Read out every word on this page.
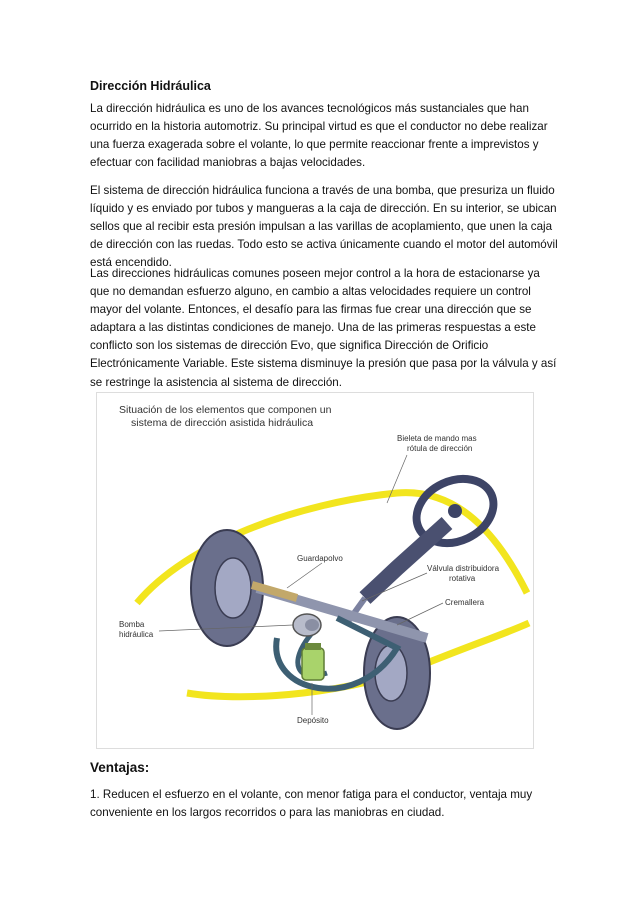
Dirección Hidráulica

La dirección hidráulica es uno de los avances tecnológicos más sustanciales que han ocurrido en la historia automotriz. Su principal virtud es que el conductor no debe realizar una fuerza exagerada sobre el volante, lo que permite reaccionar frente a imprevistos y efectuar con facilidad maniobras a bajas velocidades.

El sistema de dirección hidráulica funciona a través de una bomba, que presuriza un fluido líquido y es enviado por tubos y mangueras a la caja de dirección. En su interior, se ubican sellos que al recibir esta presión impulsan a las varillas de acoplamiento, que unen la caja de dirección con las ruedas. Todo esto se activa únicamente cuando el motor del automóvil está encendido.

Las direcciones hidráulicas comunes poseen mejor control a la hora de estacionarse ya que no demandan esfuerzo alguno, en cambio a altas velocidades requiere un control mayor del volante. Entonces, el desafío para las firmas fue crear una dirección que se adaptara a las distintas condiciones de manejo. Una de las primeras respuestas a este conflicto son los sistemas de dirección Evo, que significa Dirección de Orificio Electrónicamente Variable. Este sistema disminuye la presión que pasa por la válvula y así se restringe la asistencia al sistema de dirección.

Situación de los elementos que componen un
sistema de dirección asistida hidráulica
Bieleta de mando mas
rótula de dirección
Guardapolvo
Válvula distribuidora
rotativa
Cremallera
Bomba
hidráulica
Depósito
Ventajas:

1. Reducen el esfuerzo en el volante, con menor fatiga para el conductor, ventaja muy conveniente en los largos recorridos o para las maniobras en ciudad.
